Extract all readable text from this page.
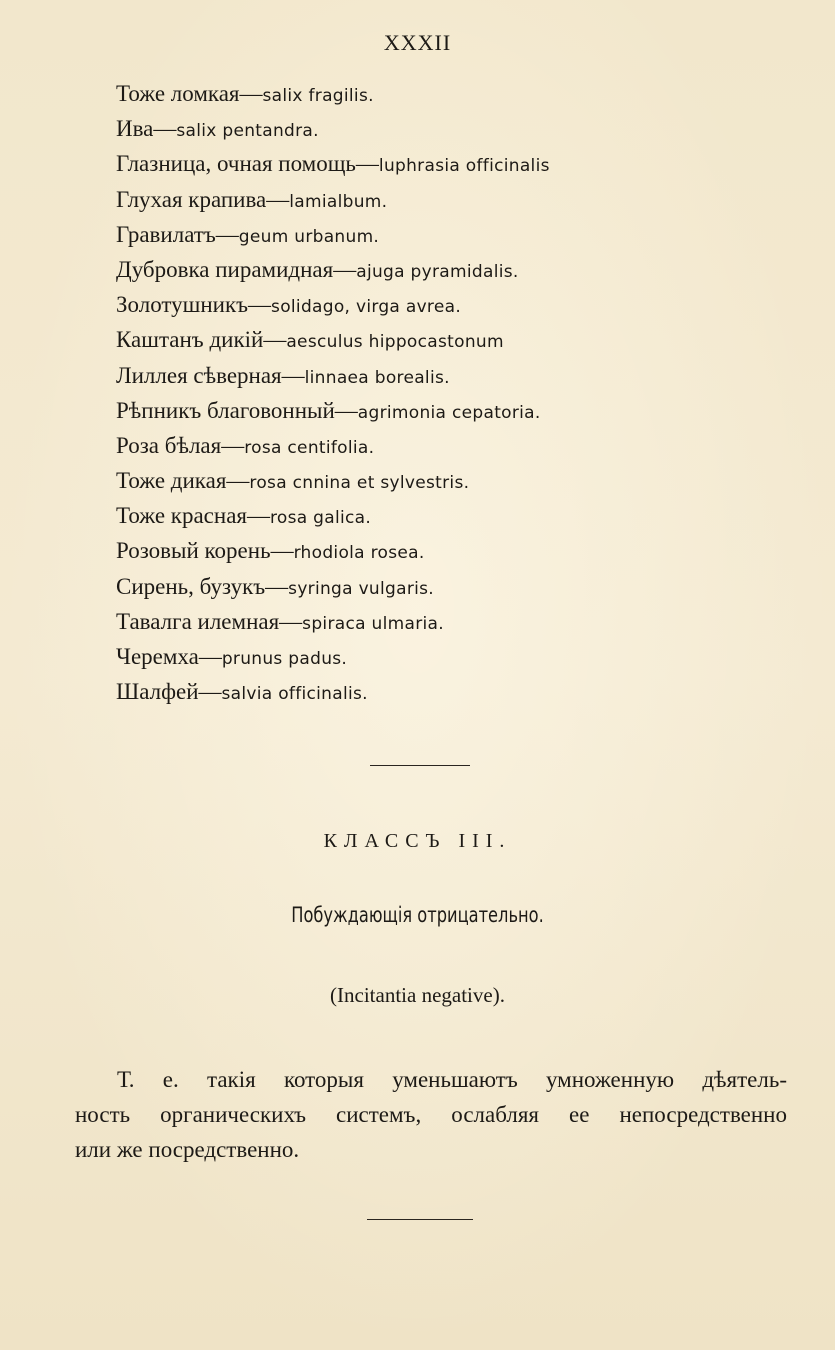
XXXII
Тоже ломкая—salix fragilis.
Ива—salix pentandra.
Глазница, очная помощь—luphrasia officinalis
Глухая крапива—lamialbum.
Гравилатъ—geum urbanum.
Дубровка пирамидная—ajuga pyramidalis.
Золотушникъ—solidago, virga avrea.
Каштанъ дикій—aesculus hippocastonum
Лиллея сѣверная—linnaea borealis.
Рѣпникъ благовонный—agrimonia cepatoria.
Роза бѣлая—rosa centifolia.
Тоже дикая—rosa cnnina et sylvestris.
Тоже красная—rosa galica.
Розовый корень—rhodiola rosea.
Сирень, бузукъ—syringa vulgaris.
Тавалга илемная—spiraca ulmaria.
Черемха—prunus padus.
Шалфей—salvia officinalis.
КЛАССЪ III.
Побуждающія отрицательно.
(Incitantia negative).

Т. е. такія которыя уменьшаютъ умноженную дѣятель-
ность органическихъ системъ, ослабляя ее непосредственно
или же посредственно.
